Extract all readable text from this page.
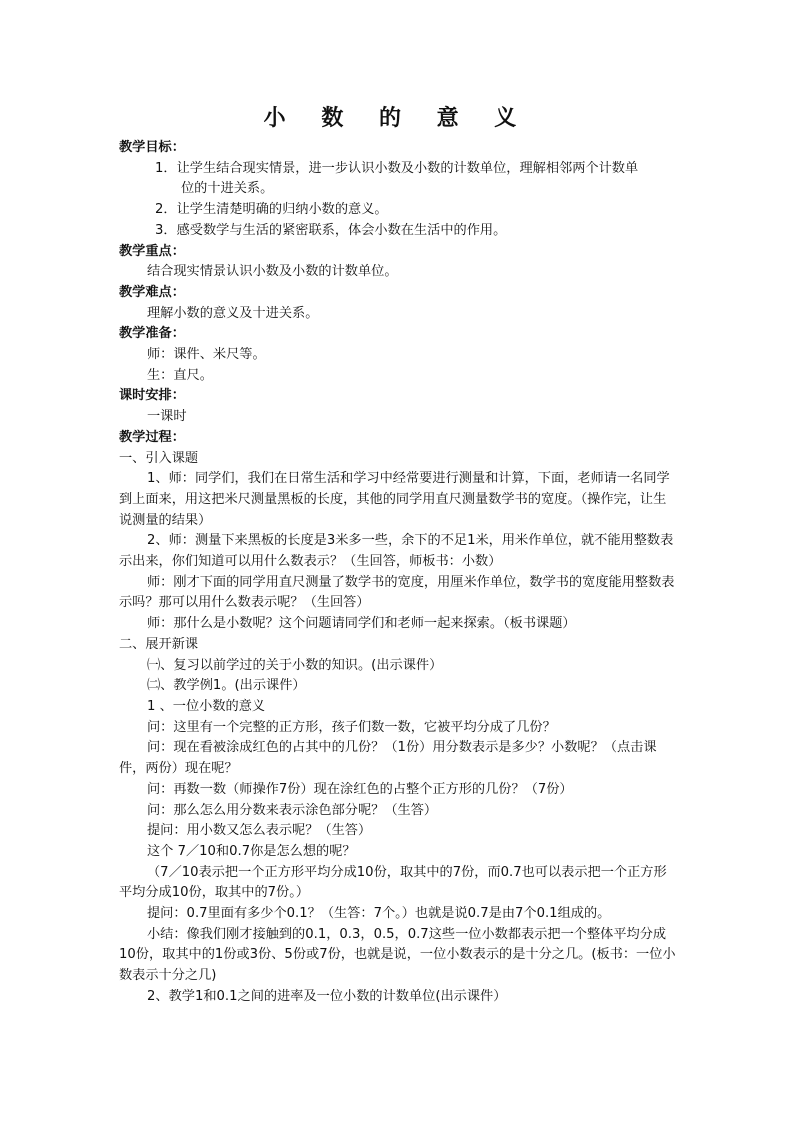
小 数 的 意 义
教学目标：
1．让学生结合现实情景，进一步认识小数及小数的计数单位，理解相邻两个计数单
位的十进关系。
2．让学生清楚明确的归纳小数的意义。
3．感受数学与生活的紧密联系，体会小数在生活中的作用。
教学重点：
结合现实情景认识小数及小数的计数单位。
教学难点：
理解小数的意义及十进关系。
教学准备：
师：课件、米尺等。
生：直尺。
课时安排：
一课时
教学过程：
一、引入课题
1、师：同学们，我们在日常生活和学习中经常要进行测量和计算，下面，老师请一名同学到上面来，用这把米尺测量黑板的长度，其他的同学用直尺测量数学书的宽度。（操作完，让生说测量的结果）
2、师：测量下来黑板的长度是3米多一些，余下的不足1米，用米作单位，就不能用整数表示出来，你们知道可以用什么数表示？（生回答，师板书：小数）
师：刚才下面的同学用直尺测量了数学书的宽度，用厘米作单位，数学书的宽度能用整数表示吗？那可以用什么数表示呢？（生回答）
师：那什么是小数呢？这个问题请同学们和老师一起来探索。（板书课题）
二、展开新课
㈠、复习以前学过的关于小数的知识。(出示课件）
㈡、教学例1。(出示课件）
1 、一位小数的意义
问：这里有一个完整的正方形，孩子们数一数，它被平均分成了几份？
问：现在看被涂成红色的占其中的几份？（1份）用分数表示是多少？小数呢？（点击课件，两份）现在呢？
问：再数一数（师操作7份）现在涂红色的占整个正方形的几份？（7份）
问：那么怎么用分数来表示涂色部分呢？（生答）
提问：用小数又怎么表示呢？（生答）
这个 7／10和0.7你是怎么想的呢？
（7／10表示把一个正方形平均分成10份，取其中的7份，而0.7也可以表示把一个正方形平均分成10份，取其中的7份。）
提问：0.7里面有多少个0.1？（生答：7个。）也就是说0.7是由7个0.1组成的。
小结：像我们刚才接触到的0.1，0.3，0.5，0.7这些一位小数都表示把一个整体平均分成10份，取其中的1份或3份、5份或7份，也就是说，一位小数表示的是十分之几。(板书：一位小数表示十分之几)
2、教学1和0.1之间的进率及一位小数的计数单位(出示课件）
